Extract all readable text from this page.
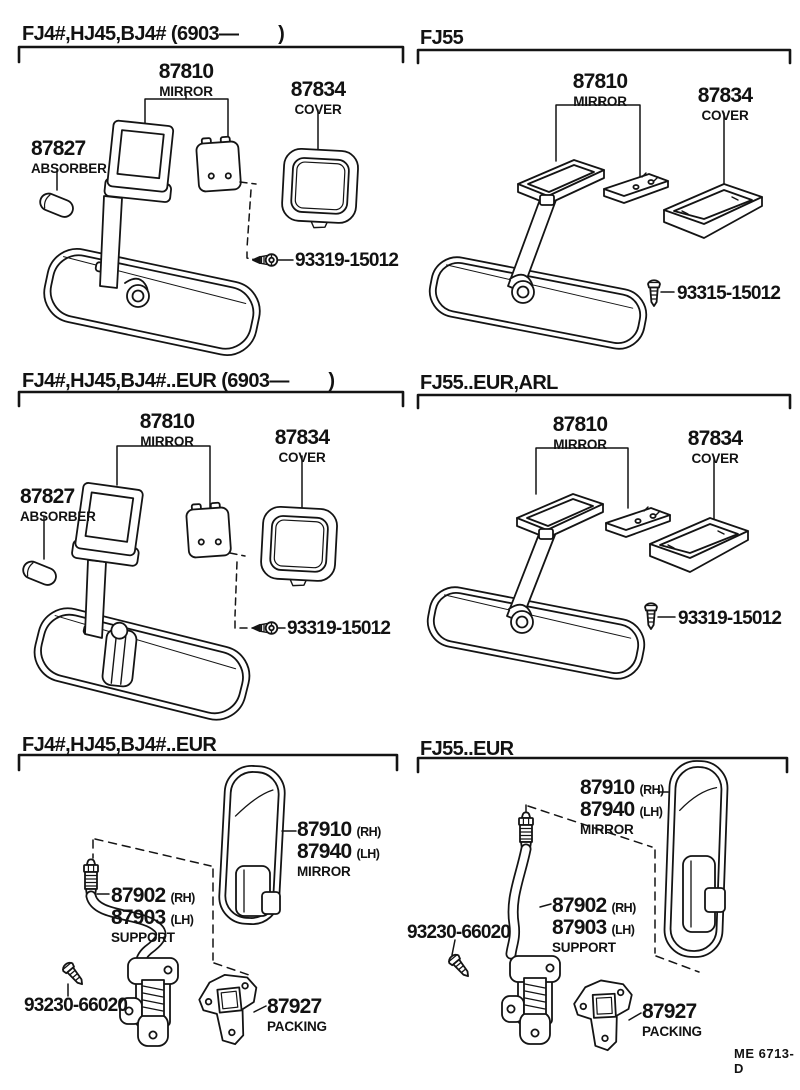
FJ4#,HJ45,BJ4# (6903—        )
87810
MIRROR	87834
COVER
87827
ABSORBER
93319-15012
FJ55
87810
MIRROR	87834
COVER
93315-15012
FJ4#,HJ45,BJ4#..EUR (6903—        )
87810
MIRROR	87834
COVER
87827
ABSORBER
93319-15012
FJ55..EUR,ARL
87810
MIRROR	87834
COVER
93319-15012
FJ4#,HJ45,BJ4#..EUR
87910 (RH)
87940 (LH)
MIRROR
87902 (RH)
87903 (LH)
SUPPORT
93230-66020	87927
PACKING
FJ55..EUR
87910 (RH)
87940 (LH)
MIRROR
87902 (RH)
87903 (LH)
SUPPORT
93230-66020
87927
PACKING
ME 6713-D
